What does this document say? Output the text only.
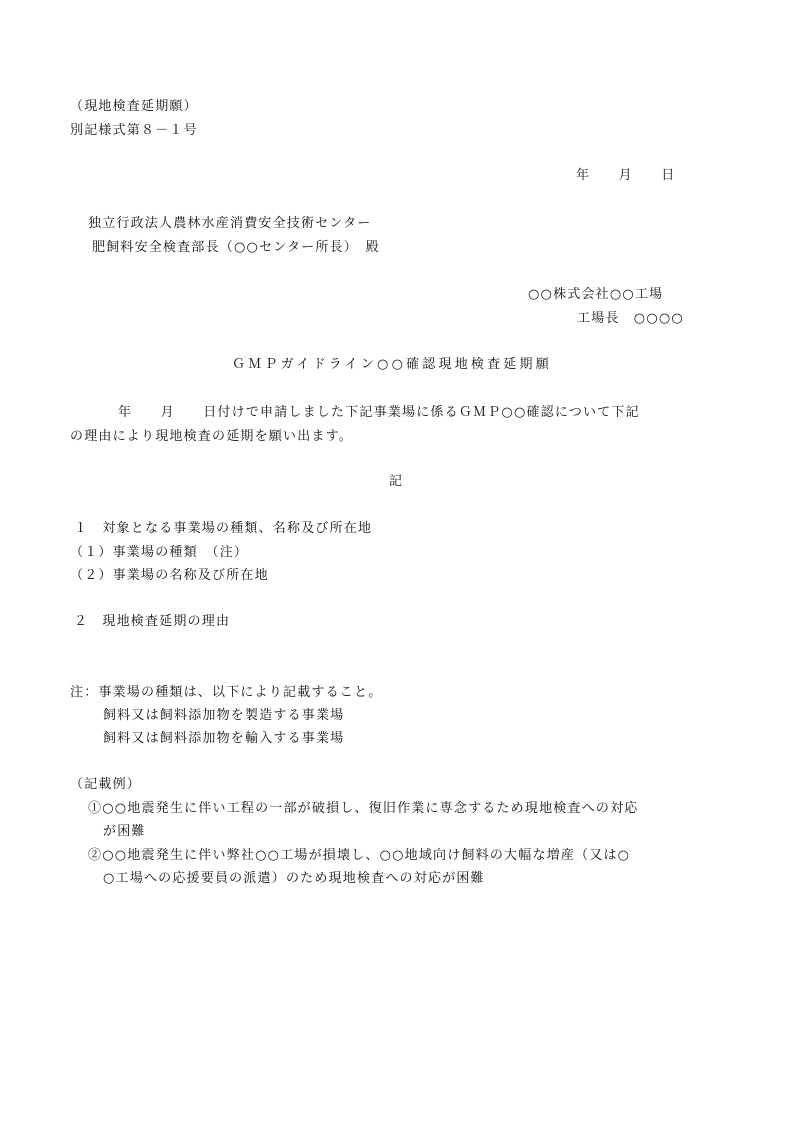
（現地検査延期願）
別記様式第８－１号
年　　月　　日
独立行政法人農林水産消費安全技術センター
肥飼料安全検査部長（○○センター所長）　殿
○○株式会社○○工場
工場長　○○○○
ＧＭＰガイドライン○○確認現地検査延期願
年　　月　　日付けで申請しました下記事業場に係るＧＭＰ○○確認について下記
の理由により現地検査の延期を願い出ます。
記
１　対象となる事業場の種類、名称及び所在地
（１）事業場の種類　（注）
（２）事業場の名称及び所在地
２　現地検査延期の理由
注：事業場の種類は、以下により記載すること。
飼料又は飼料添加物を製造する事業場
飼料又は飼料添加物を輸入する事業場
（記載例）
①○○地震発生に伴い工程の一部が破損し、復旧作業に専念するため現地検査への対応
が困難
②○○地震発生に伴い弊社○○工場が損壊し、○○地域向け飼料の大幅な増産（又は○
○工場への応援要員の派遣）のため現地検査への対応が困難
